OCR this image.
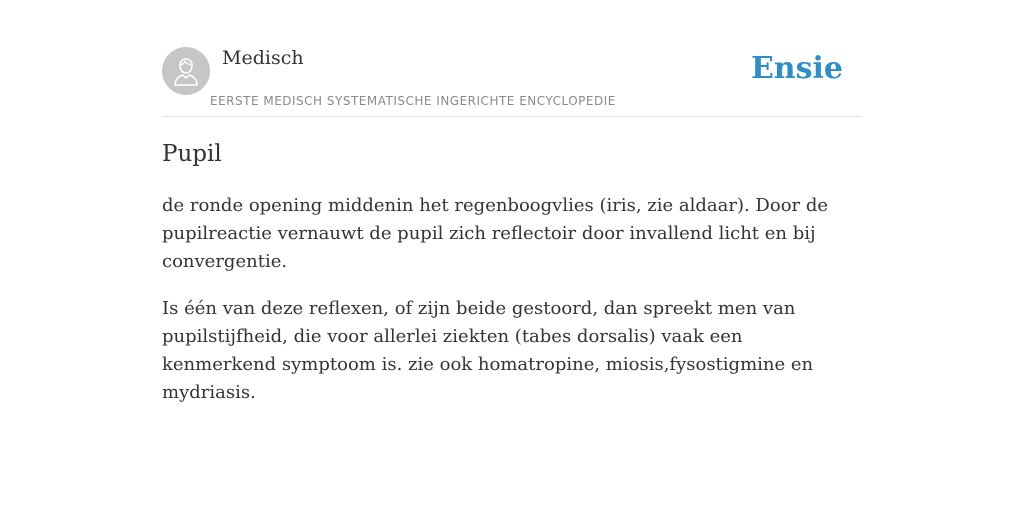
Medisch
EERSTE MEDISCH SYSTEMATISCHE INGERICHTE ENCYCLOPEDIE
Ensie
Pupil

de ronde opening middenin het regenboogvlies (iris, zie aldaar). Door de pupilreactie vernauwt de pupil zich reflectoir door invallend licht en bij convergentie.

Is één van deze reflexen, of zijn beide gestoord, dan spreekt men van pupilstijfheid, die voor allerlei ziekten (tabes dorsalis) vaak een kenmerkend symptoom is. zie ook homatropine, miosis,fysostigmine en mydriasis.
